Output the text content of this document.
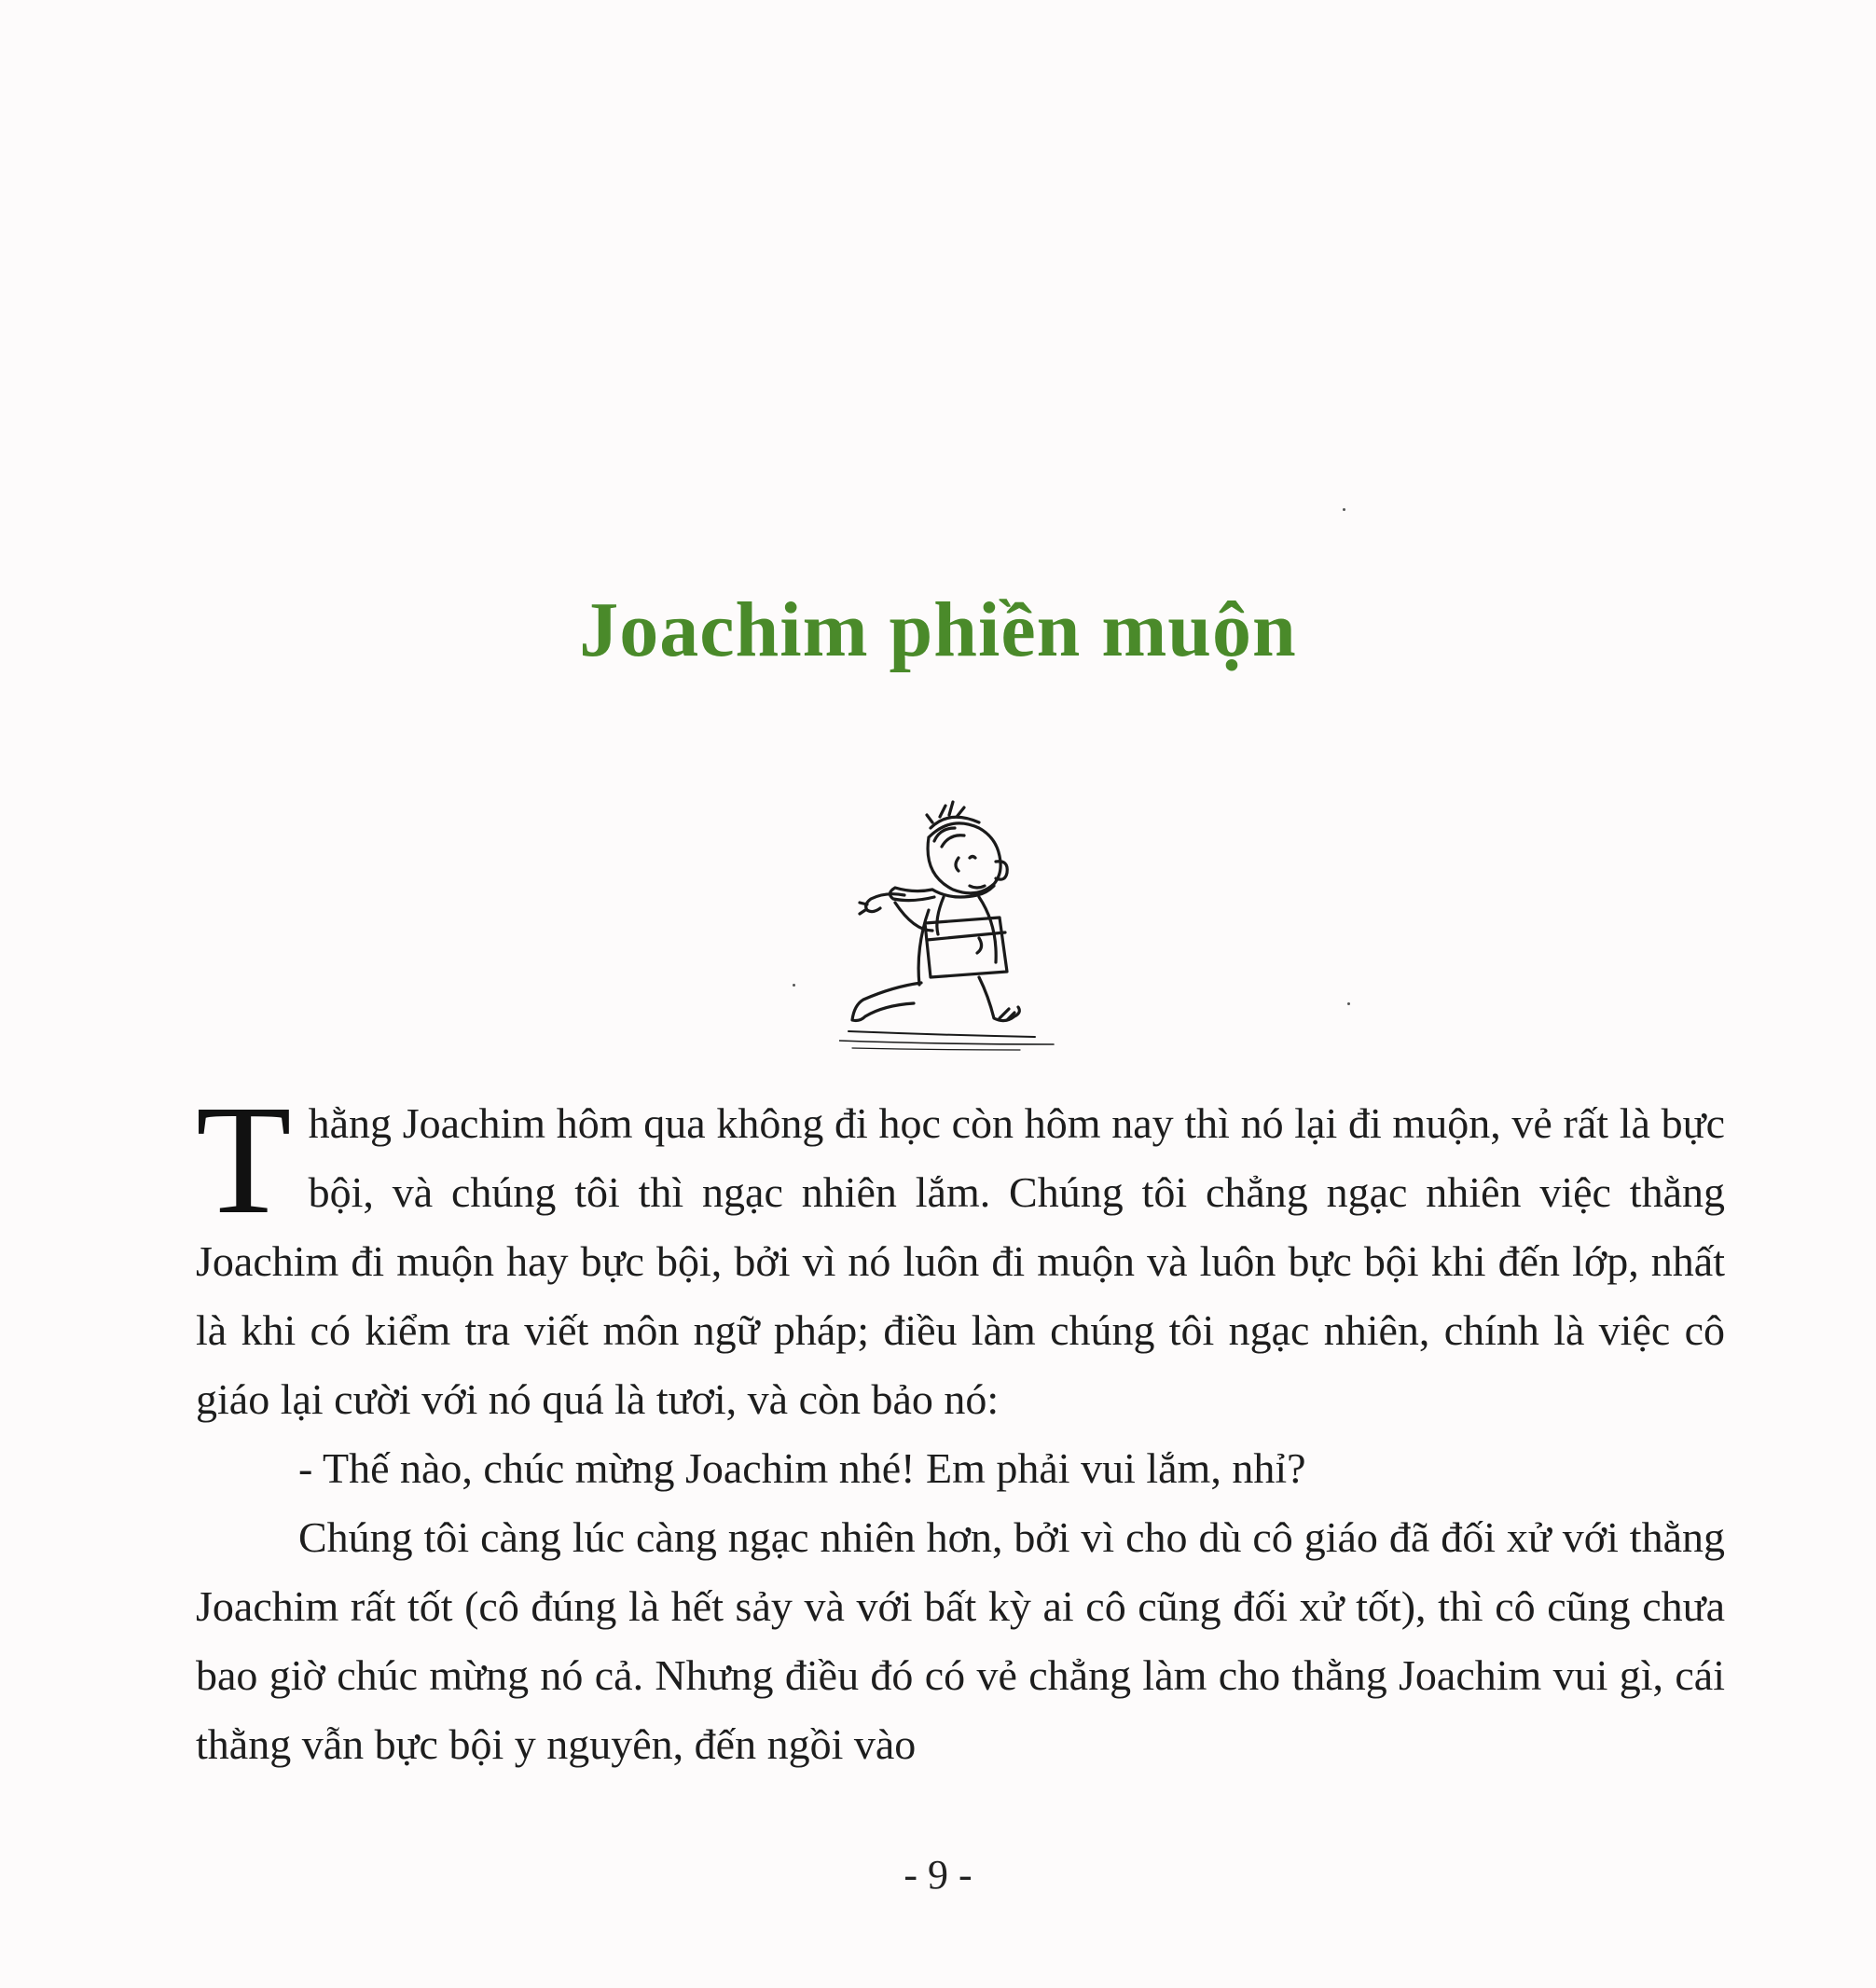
Joachim phiền muộn

Thằng Joachim hôm qua không đi học còn hôm nay thì nó lại đi muộn, vẻ rất là bực bội, và chúng tôi thì ngạc nhiên lắm. Chúng tôi chẳng ngạc nhiên việc thằng Joachim đi muộn hay bực bội, bởi vì nó luôn đi muộn và luôn bực bội khi đến lớp, nhất là khi có kiểm tra viết môn ngữ pháp; điều làm chúng tôi ngạc nhiên, chính là việc cô giáo lại cười với nó quá là tươi, và còn bảo nó:

- Thế nào, chúc mừng Joachim nhé! Em phải vui lắm, nhỉ?

Chúng tôi càng lúc càng ngạc nhiên hơn, bởi vì cho dù cô giáo đã đối xử với thằng Joachim rất tốt (cô đúng là hết sảy và với bất kỳ ai cô cũng đối xử tốt), thì cô cũng chưa bao giờ chúc mừng nó cả. Nhưng điều đó có vẻ chẳng làm cho thằng Joachim vui gì, cái thằng vẫn bực bội y nguyên, đến ngồi vào

- 9 -
